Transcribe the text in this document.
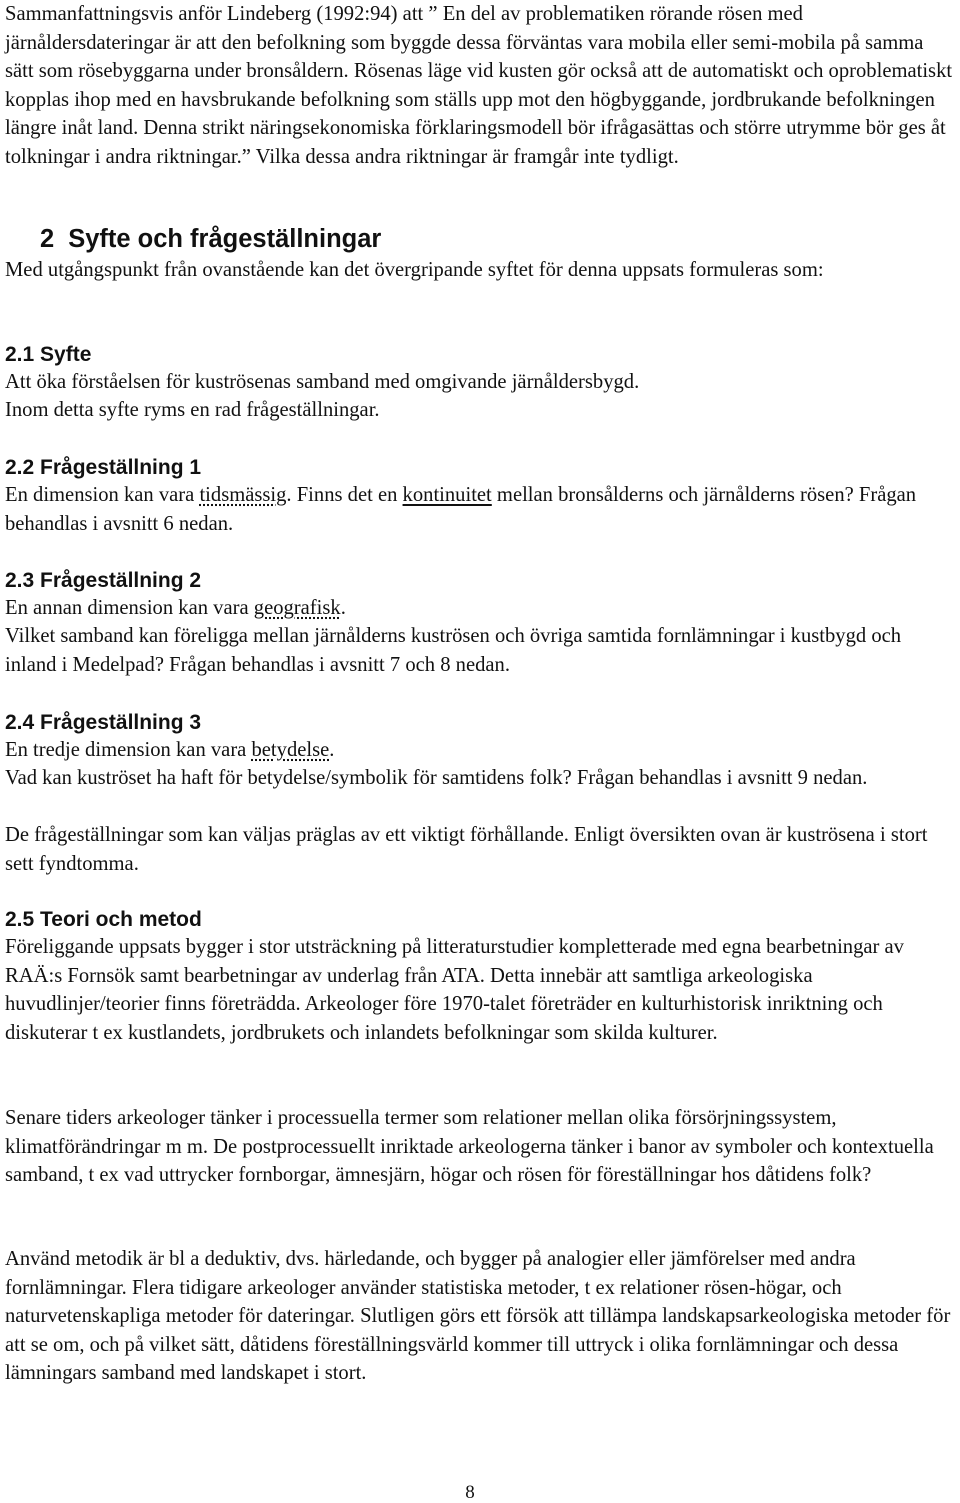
Sammanfattningsvis anför Lindeberg (1992:94) att ” En del av problematiken rörande rösen med järnåldersdateringar är att den befolkning som byggde dessa förväntas vara mobila eller semi-mobila på samma sätt som rösebyggarna under bronsåldern. Rösenas läge vid kusten gör också att de automatiskt och oproblematiskt kopplas ihop med en havsbrukande befolkning som ställs upp mot den högbyggande, jordbrukande befolkningen längre inåt land. Denna strikt näringsekonomiska förklaringsmodell bör ifrågasättas och större utrymme bör ges åt tolkningar i andra riktningar.” Vilka dessa andra riktningar är framgår inte tydligt.

2 Syfte och frågeställningar

Med utgångspunkt från ovanstående kan det övergripande syftet för denna uppsats formuleras som:

2.1 Syfte

Att öka förståelsen för kuströsenas samband med omgivande järnåldersbygd.

Inom detta syfte ryms en rad frågeställningar.

2.2 Frågeställning 1

En dimension kan vara tidsmässig. Finns det en kontinuitet mellan bronsålderns och järnålderns rösen? Frågan behandlas i avsnitt 6 nedan.

2.3 Frågeställning 2

En annan dimension kan vara geografisk.

Vilket samband kan föreligga mellan järnålderns kuströsen och övriga samtida fornlämningar i kustbygd och inland i Medelpad? Frågan behandlas i avsnitt 7 och 8 nedan.

2.4 Frågeställning 3

En tredje dimension kan vara betydelse.

Vad kan kuströset ha haft för betydelse/symbolik för samtidens folk? Frågan behandlas i avsnitt 9 nedan.

De frågeställningar som kan väljas präglas av ett viktigt förhållande. Enligt översikten ovan är kuströsena i stort sett fyndtomma.

2.5 Teori och metod

Föreliggande uppsats bygger i stor utsträckning på litteraturstudier kompletterade med egna bearbetningar av RAÄ:s Fornsök samt bearbetningar av underlag från ATA. Detta innebär att samtliga arkeologiska huvudlinjer/teorier finns företrädda. Arkeologer före 1970-talet företräder en kulturhistorisk inriktning och diskuterar t ex kustlandets, jordbrukets och inlandets befolkningar som skilda kulturer.

Senare tiders arkeologer tänker i processuella termer som relationer mellan olika försörjningssystem, klimatförändringar m m. De postprocessuellt inriktade arkeologerna tänker i banor av symboler och kontextuella samband, t ex vad uttrycker fornborgar, ämnesjärn, högar och rösen för föreställningar hos dåtidens folk?

Använd metodik är bl a deduktiv, dvs. härledande, och bygger på analogier eller jämförelser med andra fornlämningar. Flera tidigare arkeologer använder statistiska metoder, t ex relationer rösen-högar, och naturvetenskapliga metoder för dateringar. Slutligen görs ett försök att tillämpa landskapsarkeologiska metoder för att se om, och på vilket sätt, dåtidens föreställningsvärld kommer till uttryck i olika fornlämningar och dessa lämningars samband med landskapet i stort.

8
